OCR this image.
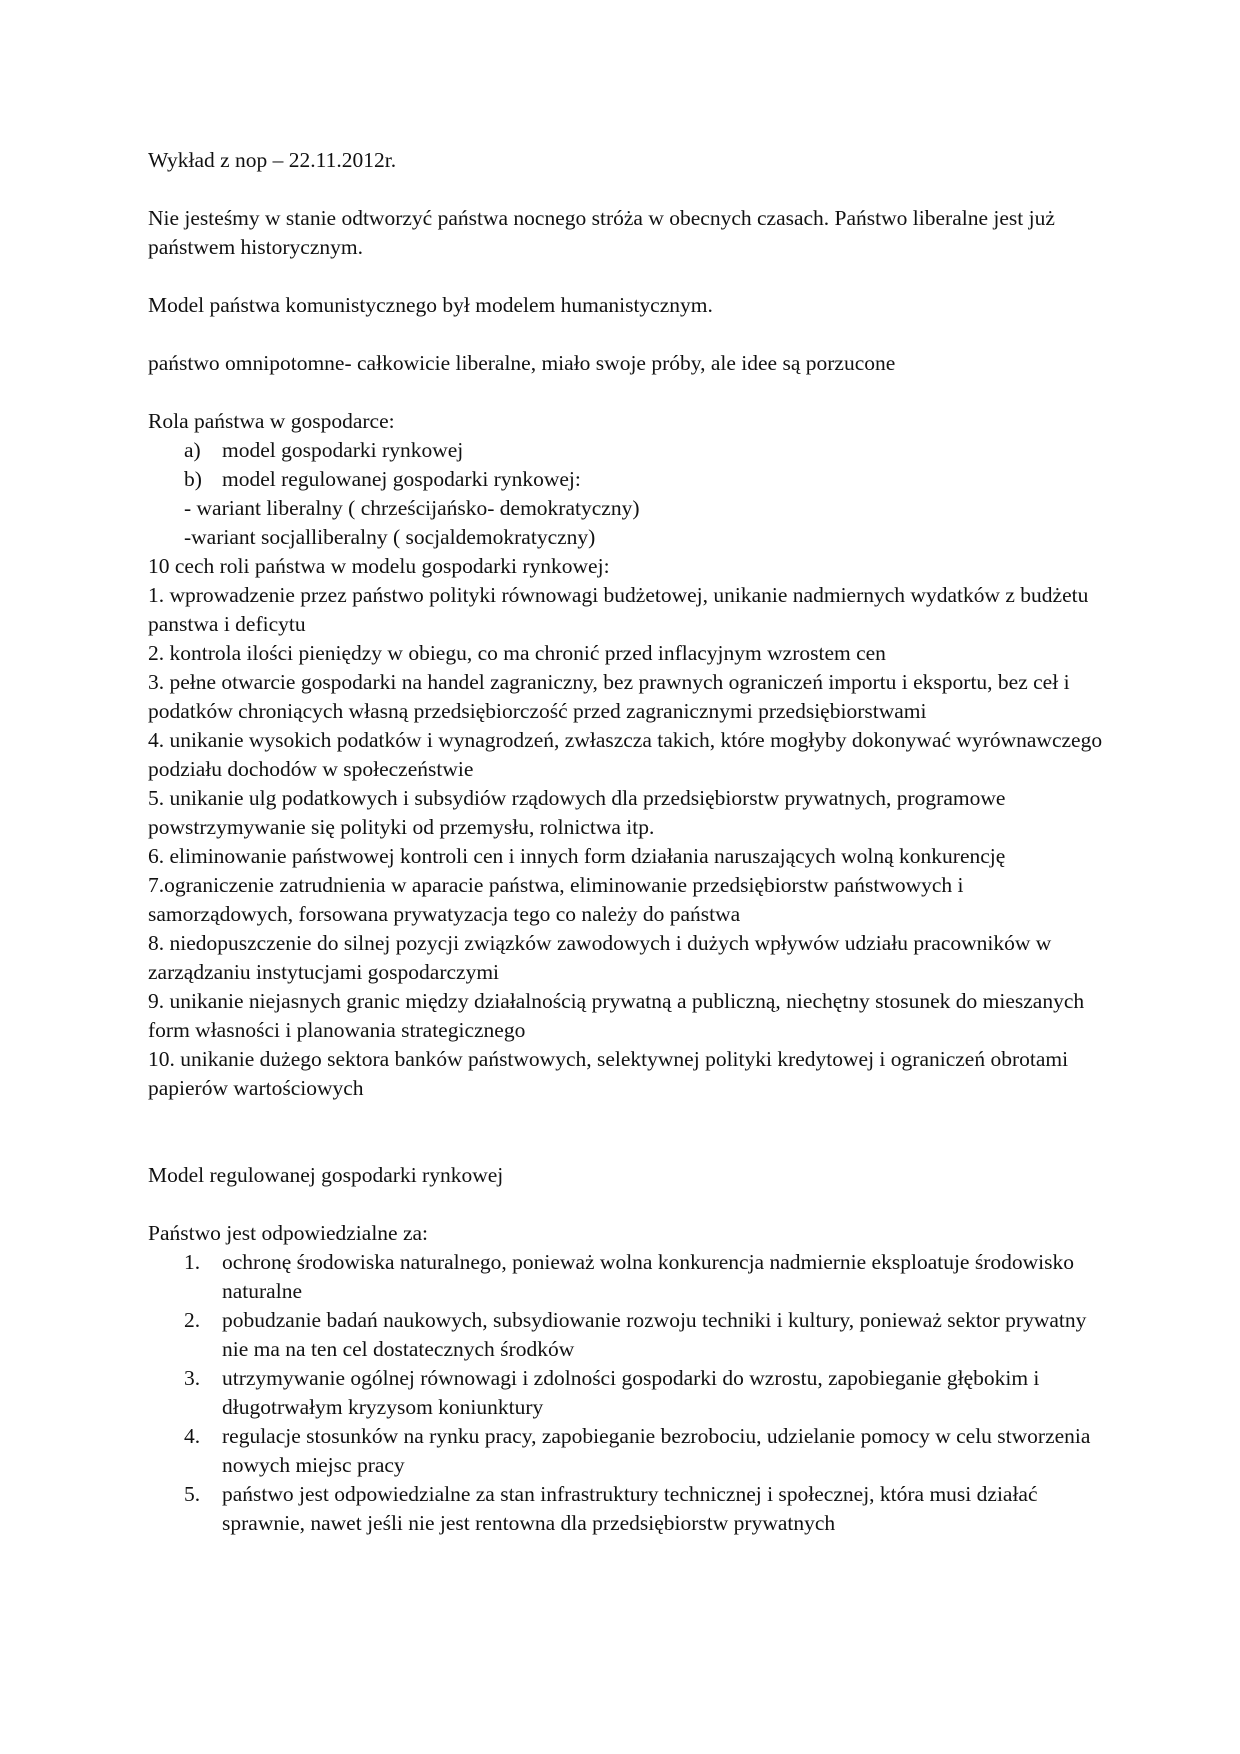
Wykład z nop – 22.11.2012r.

Nie jesteśmy w stanie odtworzyć państwa nocnego stróża w obecnych czasach. Państwo liberalne jest już państwem historycznym.

Model państwa komunistycznego był modelem humanistycznym.

państwo omnipotomne- całkowicie liberalne, miało swoje próby, ale idee są porzucone

Rola państwa w gospodarce:

a) model gospodarki rynkowej
b) model regulowanej gospodarki rynkowej:

- wariant liberalny ( chrześcijańsko- demokratyczny)

-wariant socjalliberalny ( socjaldemokratyczny)

10 cech roli państwa w modelu gospodarki rynkowej:

1. wprowadzenie przez państwo polityki równowagi budżetowej, unikanie nadmiernych wydatków z budżetu panstwa i deficytu

2. kontrola ilości pieniędzy w obiegu, co ma chronić przed inflacyjnym wzrostem cen

3. pełne otwarcie gospodarki na handel zagraniczny, bez prawnych ograniczeń importu i eksportu, bez ceł i podatków chroniących własną przedsiębiorczość przed zagranicznymi przedsiębiorstwami

4. unikanie wysokich podatków i wynagrodzeń, zwłaszcza takich, które mogłyby dokonywać wyrównawczego podziału dochodów w społeczeństwie

5. unikanie ulg podatkowych i subsydiów rządowych dla przedsiębiorstw prywatnych, programowe powstrzymywanie się polityki od przemysłu, rolnictwa itp.

6. eliminowanie państwowej kontroli cen i innych form działania naruszających wolną konkurencję

7.ograniczenie zatrudnienia w aparacie państwa, eliminowanie przedsiębiorstw państwowych i samorządowych, forsowana prywatyzacja tego co należy do państwa

8. niedopuszczenie do silnej pozycji związków zawodowych i dużych wpływów udziału pracowników w zarządzaniu instytucjami gospodarczymi

9. unikanie niejasnych granic między działalnością prywatną a publiczną, niechętny stosunek do mieszanych form własności i planowania strategicznego

10. unikanie dużego sektora banków państwowych, selektywnej polityki kredytowej i ograniczeń obrotami papierów wartościowych

Model regulowanej gospodarki rynkowej

Państwo jest odpowiedzialne za:

1.	ochronę środowiska naturalnego, ponieważ wolna konkurencja nadmiernie eksploatuje środowisko naturalne
2.	pobudzanie badań naukowych, subsydiowanie rozwoju techniki i kultury, ponieważ sektor prywatny nie ma na ten cel dostatecznych środków
3.	utrzymywanie ogólnej równowagi i zdolności gospodarki do wzrostu, zapobieganie głębokim i długotrwałym kryzysom koniunktury
4.	regulacje stosunków na rynku pracy, zapobieganie bezrobociu, udzielanie pomocy w celu stworzenia nowych miejsc pracy
5.	państwo jest odpowiedzialne za stan infrastruktury technicznej i społecznej, która musi działać sprawnie, nawet jeśli nie jest rentowna dla przedsiębiorstw prywatnych
